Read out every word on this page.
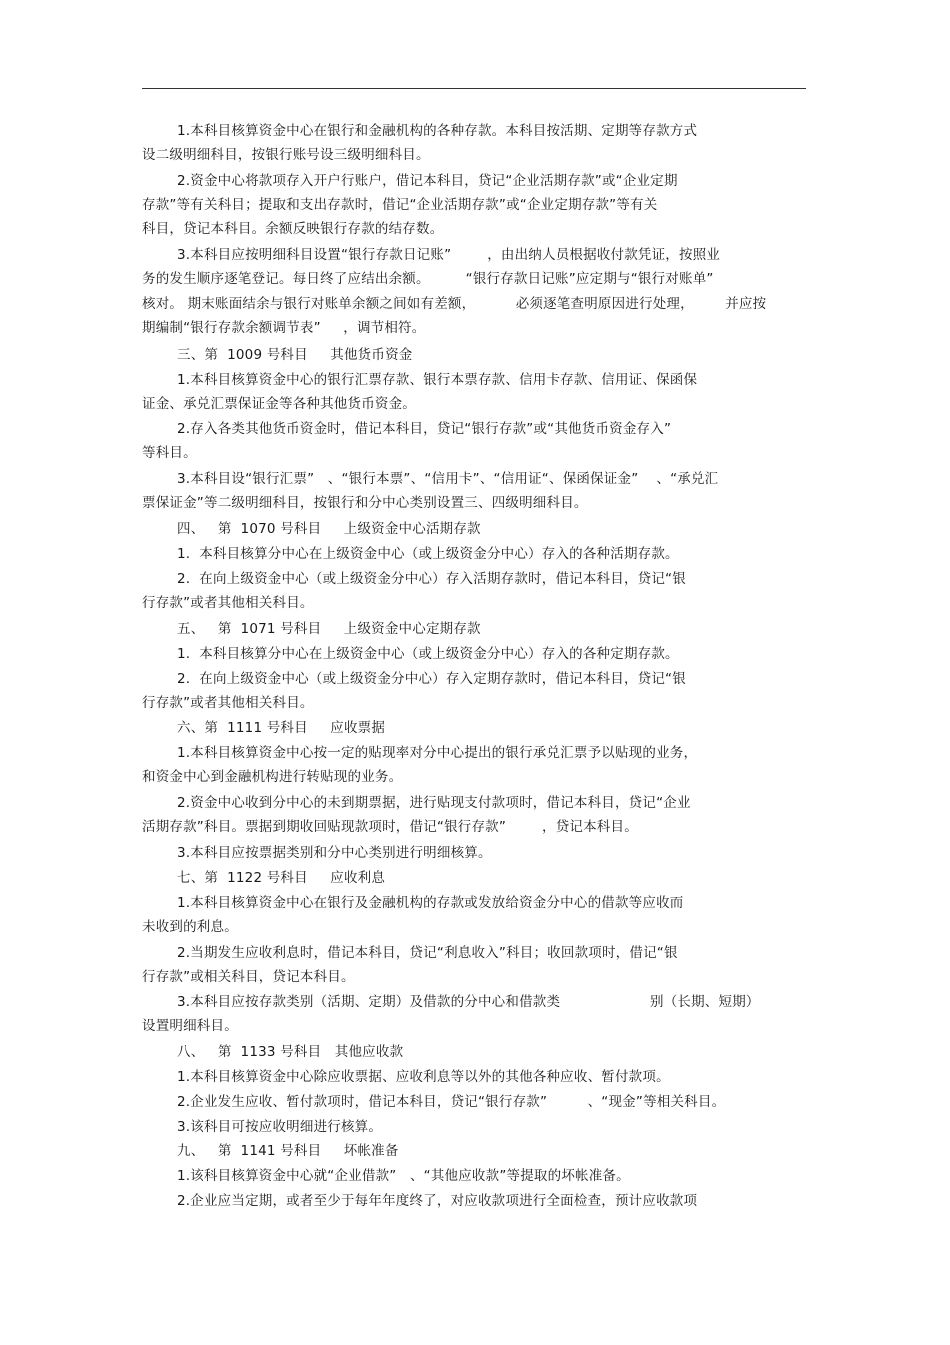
1.本科目核算资金中心在银行和金融机构的各种存款。本科目按活期、定期等存款方式
设二级明细科目，按银行账号设三级明细科目。
2.资金中心将款项存入开户行账户，借记本科目，贷记“企业活期存款”或“企业定期
存款”等有关科目；提取和支出存款时，借记“企业活期存款”或“企业定期存款”等有关
科目，贷记本科目。余额反映银行存款的结存数。
3.本科目应按明细科目设置“银行存款日记账”        ，由出纳人员根据收付款凭证，按照业
务的发生顺序逐笔登记。每日终了应结出余额。        “银行存款日记账”应定期与“银行对账单”
核对。 期末账面结余与银行对账单余额之间如有差额，         必须逐笔查明原因进行处理，       并应按
期编制“银行存款余额调节表”     ，调节相符。
三、第  1009 号科目     其他货币资金
1.本科目核算资金中心的银行汇票存款、银行本票存款、信用卡存款、信用证、保函保
证金、承兑汇票保证金等各种其他货币资金。
2.存入各类其他货币资金时，借记本科目，贷记“银行存款”或“其他货币资金存入”
等科目。
3.本科目设“银行汇票”   、“银行本票”、“信用卡”、“信用证“、保函保证金”    、“承兑汇
票保证金”等二级明细科目，按银行和分中心类别设置三、四级明细科目。
四、   第  1070 号科目     上级资金中心活期存款
1.  本科目核算分中心在上级资金中心（或上级资金分中心）存入的各种活期存款。
2.  在向上级资金中心（或上级资金分中心）存入活期存款时，借记本科目，贷记“银
行存款”或者其他相关科目。
五、   第  1071 号科目     上级资金中心定期存款
1.  本科目核算分中心在上级资金中心（或上级资金分中心）存入的各种定期存款。
2.  在向上级资金中心（或上级资金分中心）存入定期存款时，借记本科目，贷记“银
行存款”或者其他相关科目。
六、第  1111 号科目     应收票据
1.本科目核算资金中心按一定的贴现率对分中心提出的银行承兑汇票予以贴现的业务，
和资金中心到金融机构进行转贴现的业务。
2.资金中心收到分中心的未到期票据，进行贴现支付款项时，借记本科目，贷记“企业
活期存款”科目。票据到期收回贴现款项时，借记“银行存款”        ，贷记本科目。
3.本科目应按票据类别和分中心类别进行明细核算。
七、第  1122 号科目     应收利息
1.本科目核算资金中心在银行及金融机构的存款或发放给资金分中心的借款等应收而
未收到的利息。
2.当期发生应收利息时，借记本科目，贷记“利息收入”科目；收回款项时，借记“银
行存款”或相关科目，贷记本科目。
3.本科目应按存款类别（活期、定期）及借款的分中心和借款类                    别（长期、短期）
设置明细科目。
八、   第  1133 号科目   其他应收款
1.本科目核算资金中心除应收票据、应收利息等以外的其他各种应收、暂付款项。
2.企业发生应收、暂付款项时，借记本科目，贷记“银行存款”         、“现金”等相关科目。
3.该科目可按应收明细进行核算。
九、   第  1141 号科目     坏帐准备
1.该科目核算资金中心就“企业借款”   、“其他应收款”等提取的坏帐准备。
2.企业应当定期，或者至少于每年年度终了，对应收款项进行全面检查，预计应收款项
